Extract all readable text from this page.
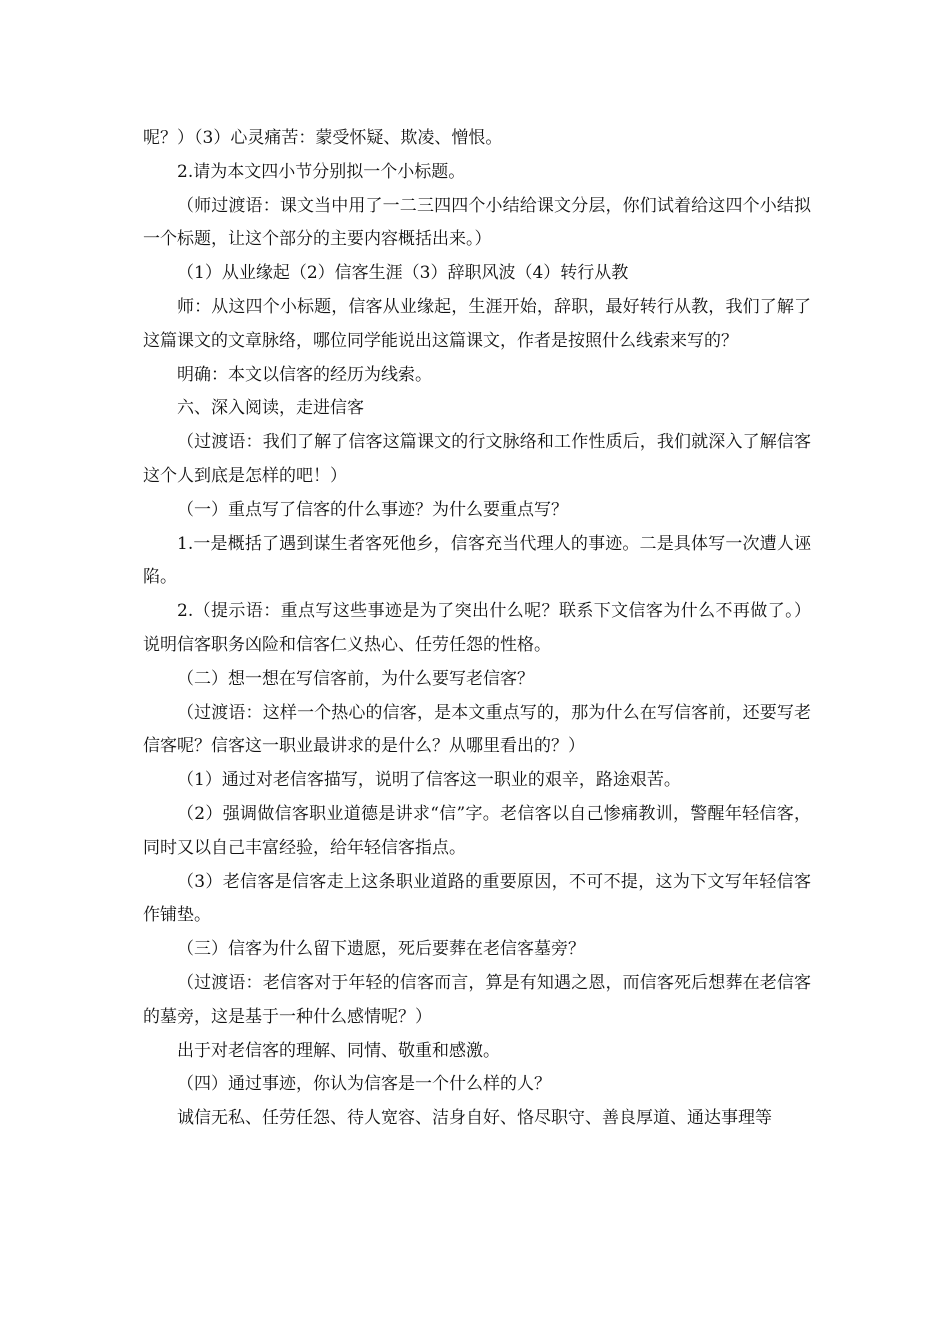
呢？）（3）心灵痛苦：蒙受怀疑、欺凌、憎恨。

2.请为本文四小节分别拟一个小标题。

（师过渡语：课文当中用了一二三四四个小结给课文分层，你们试着给这四个小结拟一个标题，让这个部分的主要内容概括出来。）

（1）从业缘起（2）信客生涯（3）辞职风波（4）转行从教

师：从这四个小标题，信客从业缘起，生涯开始，辞职，最好转行从教，我们了解了这篇课文的文章脉络，哪位同学能说出这篇课文，作者是按照什么线索来写的？

明确：本文以信客的经历为线索。

六、深入阅读，走进信客

（过渡语：我们了解了信客这篇课文的行文脉络和工作性质后，我们就深入了解信客这个人到底是怎样的吧！）

（一）重点写了信客的什么事迹？为什么要重点写？

1.一是概括了遇到谋生者客死他乡，信客充当代理人的事迹。二是具体写一次遭人诬陷。

2.（提示语：重点写这些事迹是为了突出什么呢？联系下文信客为什么不再做了。）说明信客职务凶险和信客仁义热心、任劳任怨的性格。

（二）想一想在写信客前，为什么要写老信客？

（过渡语：这样一个热心的信客，是本文重点写的，那为什么在写信客前，还要写老信客呢？信客这一职业最讲求的是什么？从哪里看出的？）

（1）通过对老信客描写，说明了信客这一职业的艰辛，路途艰苦。

（2）强调做信客职业道德是讲求“信”字。老信客以自己惨痛教训，警醒年轻信客，同时又以自己丰富经验，给年轻信客指点。

（3）老信客是信客走上这条职业道路的重要原因，不可不提，这为下文写年轻信客作铺垫。

（三）信客为什么留下遗愿，死后要葬在老信客墓旁？

（过渡语：老信客对于年轻的信客而言，算是有知遇之恩，而信客死后想葬在老信客的墓旁，这是基于一种什么感情呢？）

出于对老信客的理解、同情、敬重和感激。

（四）通过事迹，你认为信客是一个什么样的人？

诚信无私、任劳任怨、待人宽容、洁身自好、恪尽职守、善良厚道、通达事理等
